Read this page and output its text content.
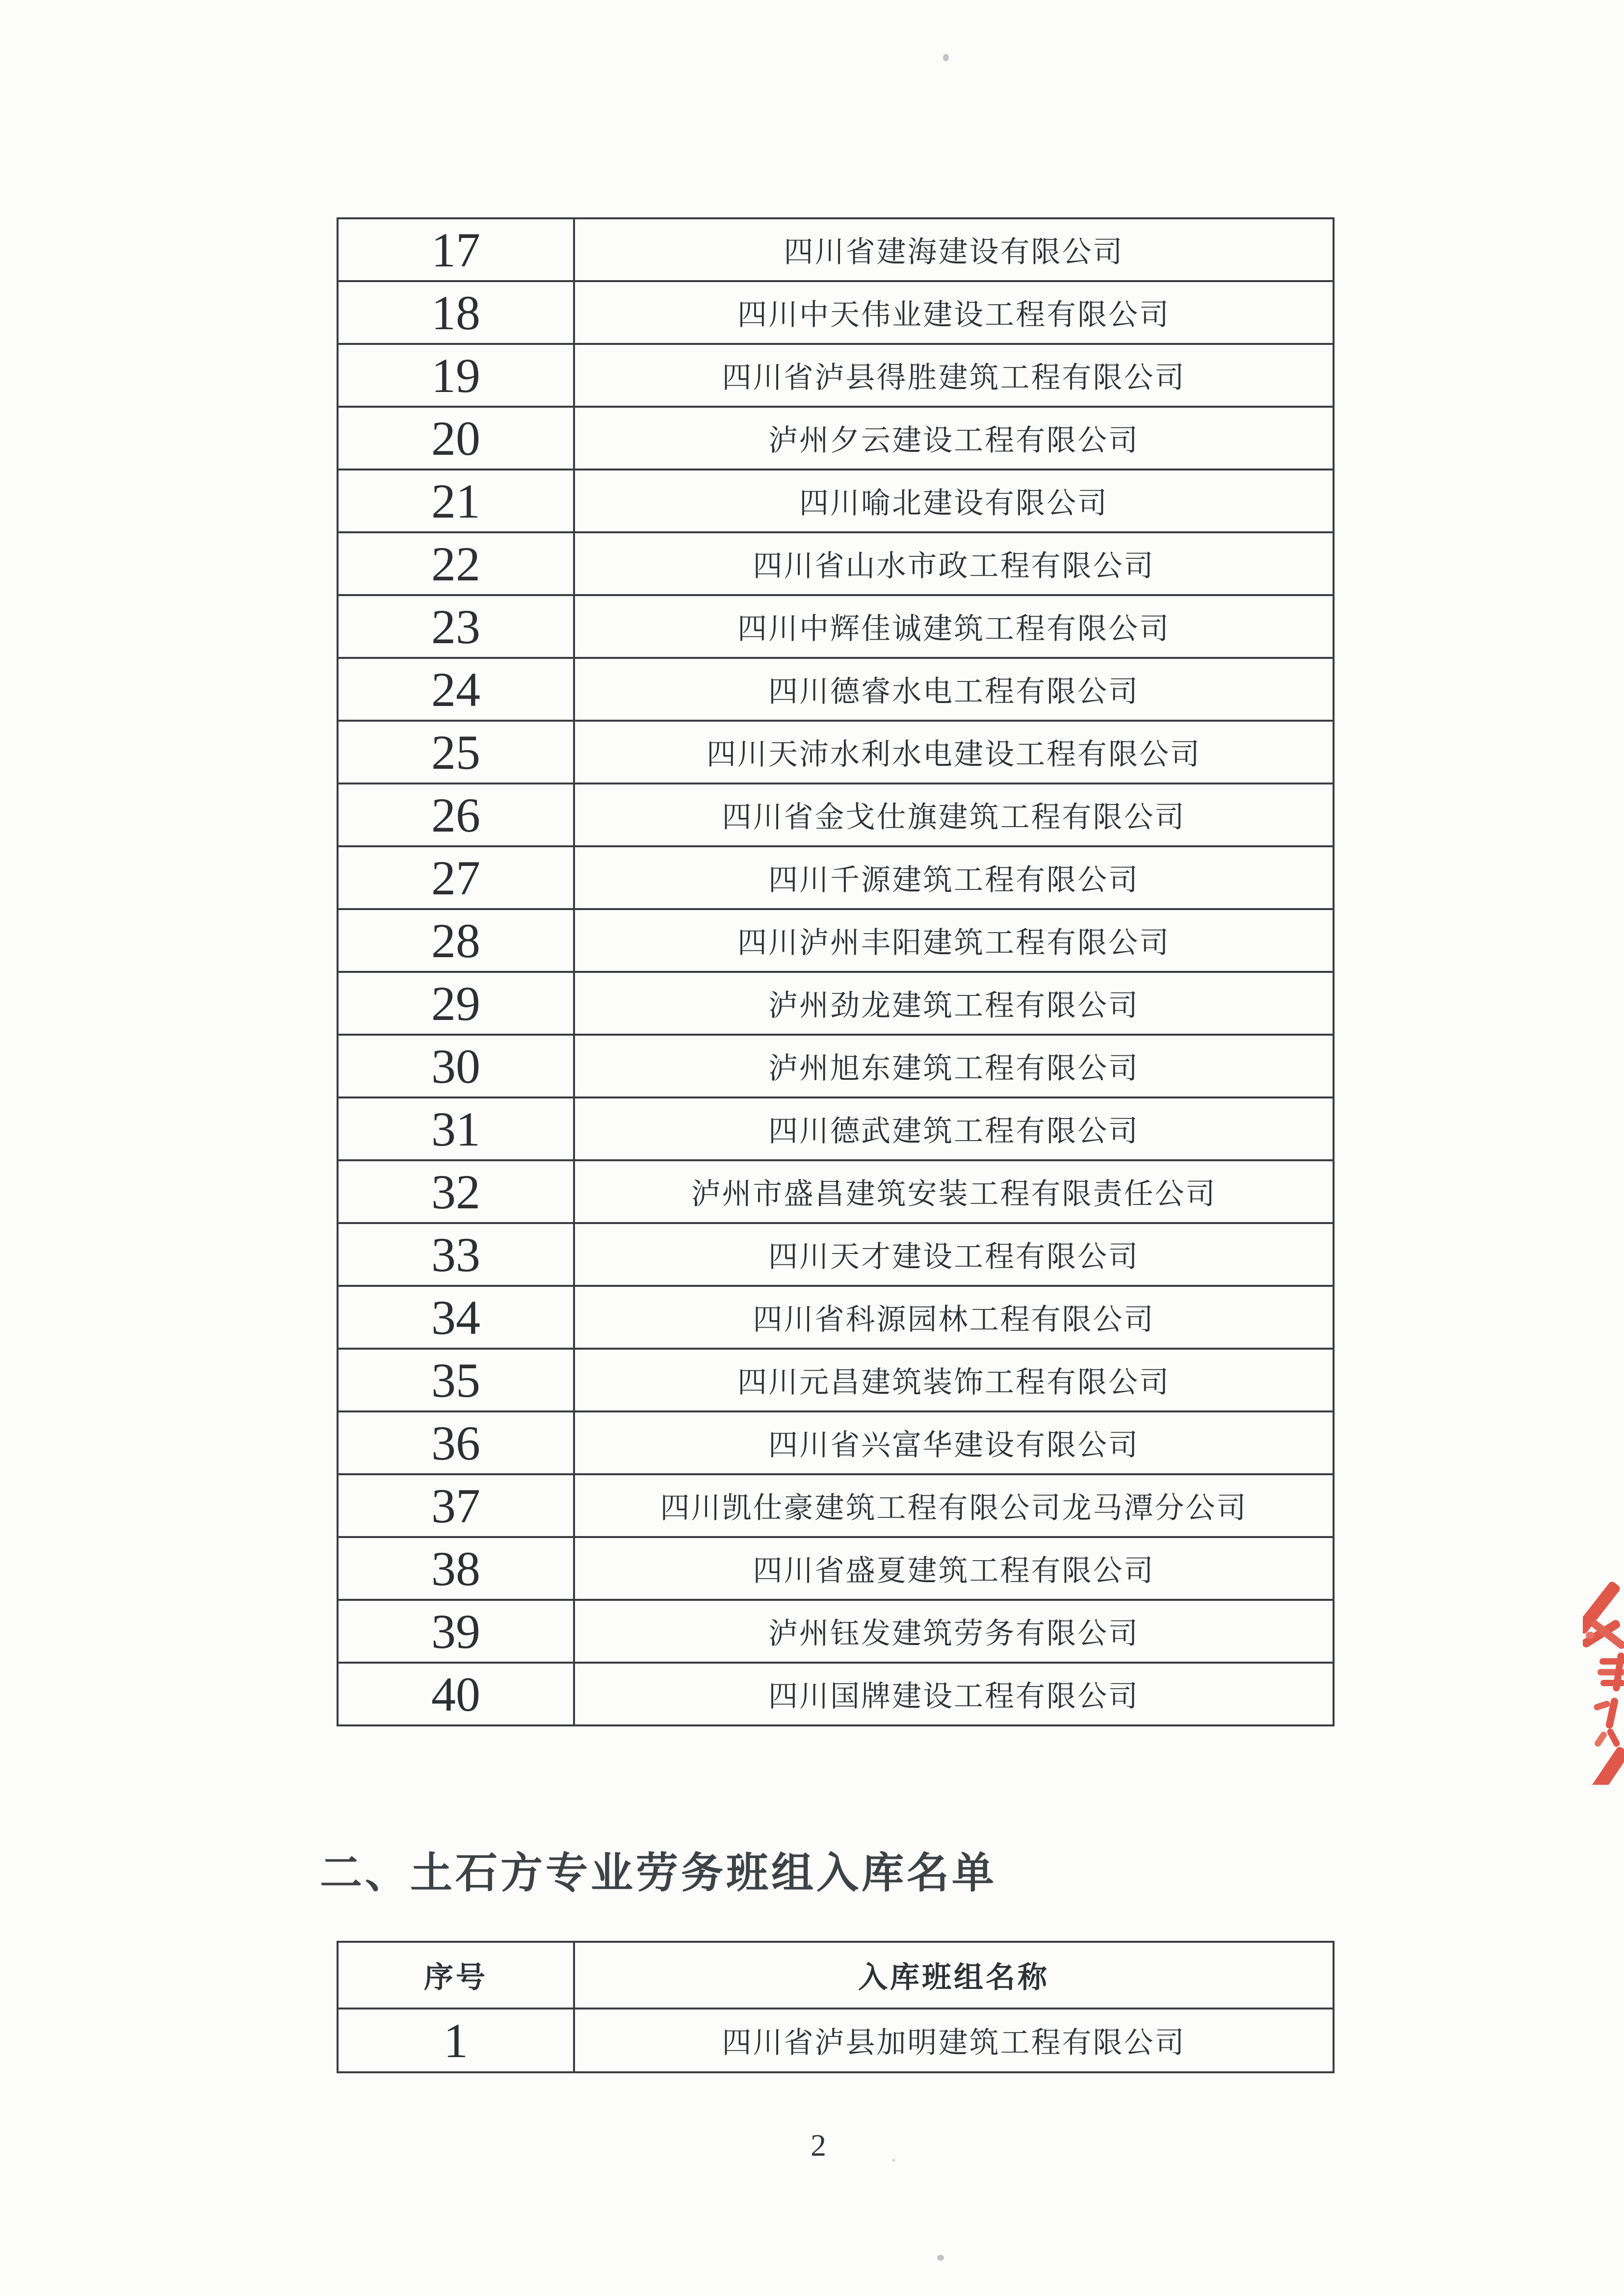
17	四川省建海建设有限公司
18	四川中天伟业建设工程有限公司
19	四川省泸县得胜建筑工程有限公司
20	泸州夕云建设工程有限公司
21	四川喻北建设有限公司
22	四川省山水市政工程有限公司
23	四川中辉佳诚建筑工程有限公司
24	四川德睿水电工程有限公司
25	四川天沛水利水电建设工程有限公司
26	四川省金戈仕旗建筑工程有限公司
27	四川千源建筑工程有限公司
28	四川泸州丰阳建筑工程有限公司
29	泸州劲龙建筑工程有限公司
30	泸州旭东建筑工程有限公司
31	四川德武建筑工程有限公司
32	泸州市盛昌建筑安装工程有限责任公司
33	四川天才建设工程有限公司
34	四川省科源园林工程有限公司
35	四川元昌建筑装饰工程有限公司
36	四川省兴富华建设有限公司
37	四川凯仕豪建筑工程有限公司龙马潭分公司
38	四川省盛夏建筑工程有限公司
39	泸州钰发建筑劳务有限公司
40	四川国牌建设工程有限公司
二、土石方专业劳务班组入库名单
序号	入库班组名称
1	四川省泸县加明建筑工程有限公司
2
